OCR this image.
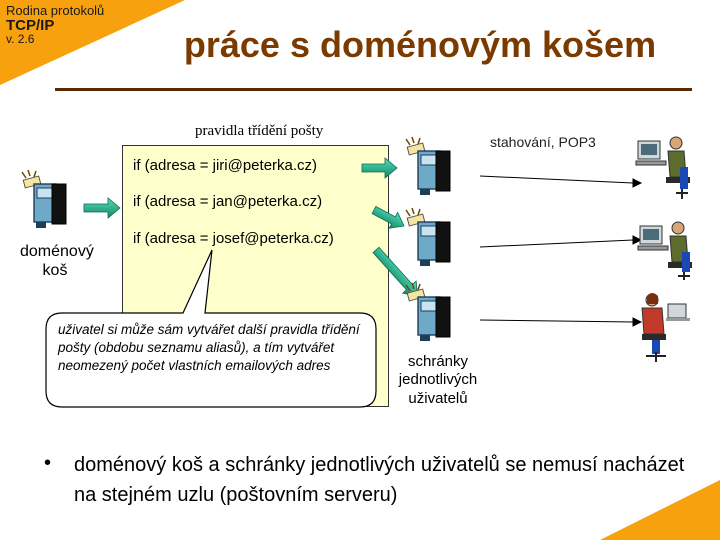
Rodina protokolů
TCP/IP
v. 2.6	práce s doménovým košem
pravidla třídění pošty
if (adresa = jiri@peterka.cz)
if (adresa = jan@peterka.cz)
if (adresa = josef@peterka.cz)
uživatel si může sám vytvářet další pravidla třídění pošty (obdobu seznamu aliasů), a tím vytvářet neomezený počet vlastních emailových adres
doménový
koš
schránky
jednotlivých
uživatelů
stahování, POP3
• doménový koš a schránky jednotlivých uživatelů se nemusí nacházet na stejném uzlu (poštovním serveru)
